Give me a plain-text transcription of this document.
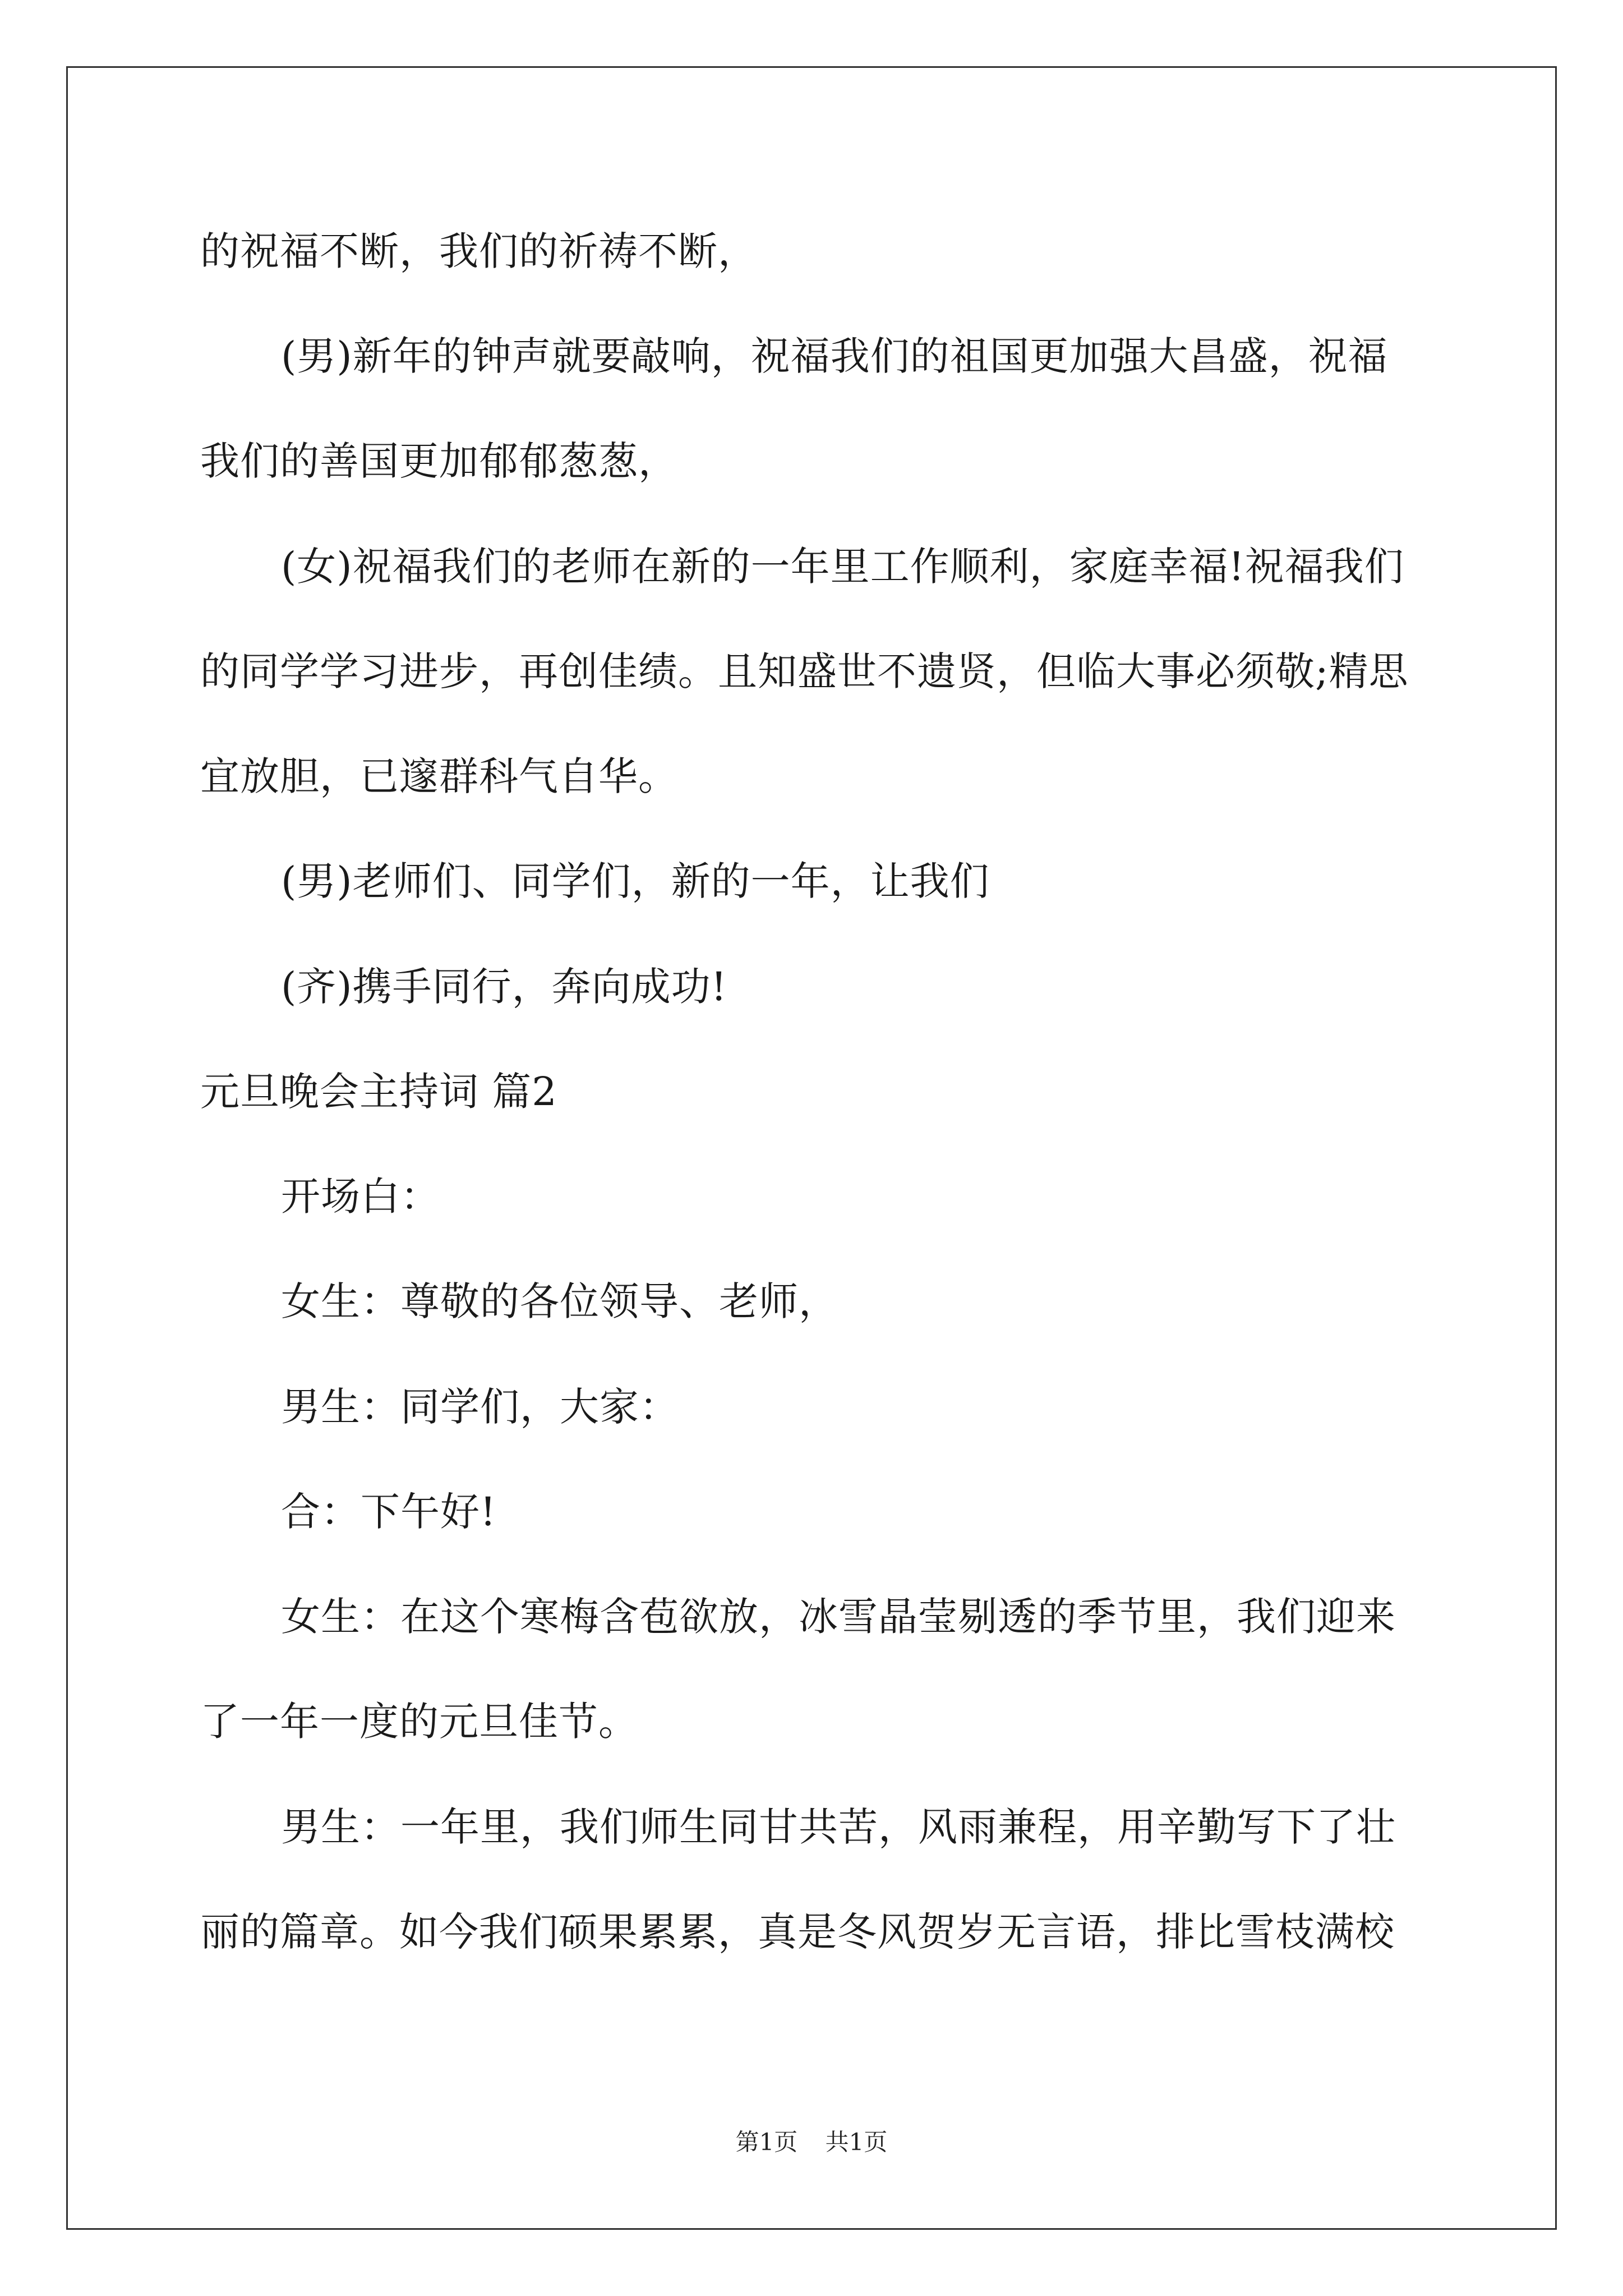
的祝福不断，我们的祈祷不断，
(男)新年的钟声就要敲响，祝福我们的祖国更加强大昌盛，祝福
我们的善国更加郁郁葱葱，
(女)祝福我们的老师在新的一年里工作顺利，家庭幸福!祝福我们
的同学学习进步，再创佳绩。且知盛世不遗贤，但临大事必须敬;精思
宜放胆，已邃群科气自华。
(男)老师们、同学们，新的一年，让我们
(齐)携手同行，奔向成功!
元旦晚会主持词 篇2
开场白：
女生：尊敬的各位领导、老师，
男生：同学们，大家：
合：下午好!
女生：在这个寒梅含苞欲放，冰雪晶莹剔透的季节里，我们迎来
了一年一度的元旦佳节。
男生：一年里，我们师生同甘共苦，风雨兼程，用辛勤写下了壮
丽的篇章。如今我们硕果累累，真是冬风贺岁无言语，排比雪枝满校
第1页 共1页
